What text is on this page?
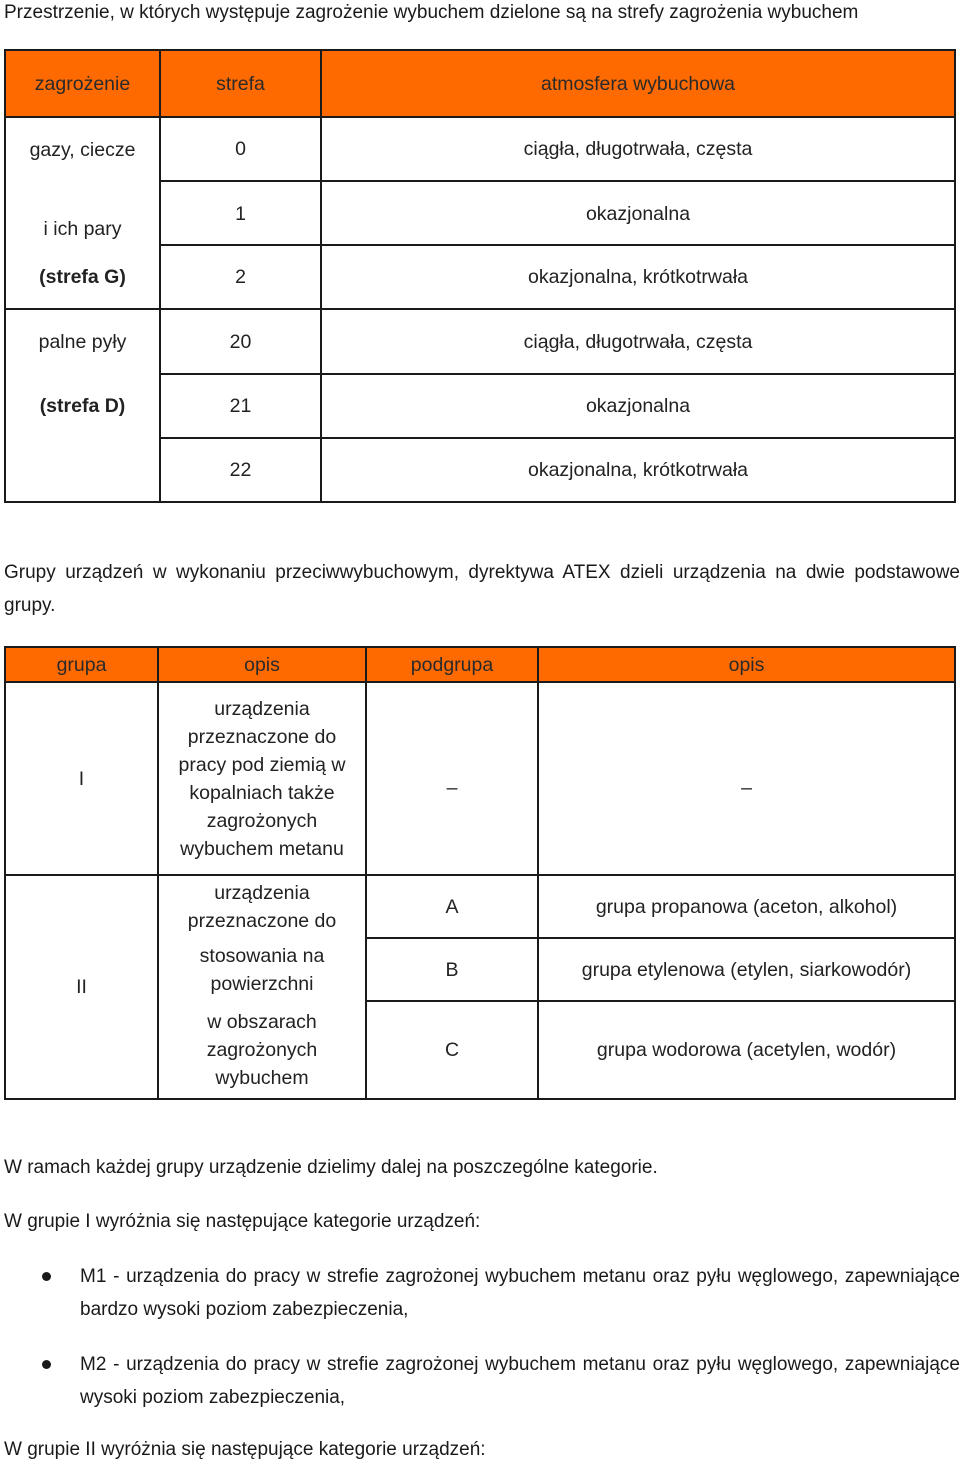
Przestrzenie, w których występuje zagrożenie wybuchem dzielone są na strefy zagrożenia wybuchem

zagrożenie	strefa	atmosfera wybuchowa
gazy, ciecze	0	ciągła, długotrwała, częsta
i ich pary	1	okazjonalna
(strefa G)	2	okazjonalna, krótkotrwała
palne pyły	20	ciągła, długotrwała, częsta
(strefa D)	21	okazjonalna
	22	okazjonalna, krótkotrwała

Grupy urządzeń w wykonaniu przeciwwybuchowym, dyrektywa ATEX dzieli urządzenia na dwie podstawowe grupy.

grupa	opis	podgrupa	opis
I	urządzenia przeznaczone do pracy pod ziemią w kopalniach także zagrożonych wybuchem metanu	–	–
II	urządzenia przeznaczone do	A	grupa propanowa (aceton, alkohol)
	stosowania na powierzchni	B	grupa etylenowa (etylen, siarkowodór)
	w obszarach zagrożonych wybuchem	C	grupa wodorowa (acetylen, wodór)

W ramach każdej grupy urządzenie dzielimy dalej na poszczególne kategorie.

W grupie I wyróżnia się następujące kategorie urządzeń:

M1 - urządzenia do pracy w strefie zagrożonej wybuchem metanu oraz pyłu węglowego, zapewniające bardzo wysoki poziom zabezpieczenia,

M2 - urządzenia do pracy w strefie zagrożonej wybuchem metanu oraz pyłu węglowego, zapewniające wysoki poziom zabezpieczenia,

W grupie II wyróżnia się następujące kategorie urządzeń:
